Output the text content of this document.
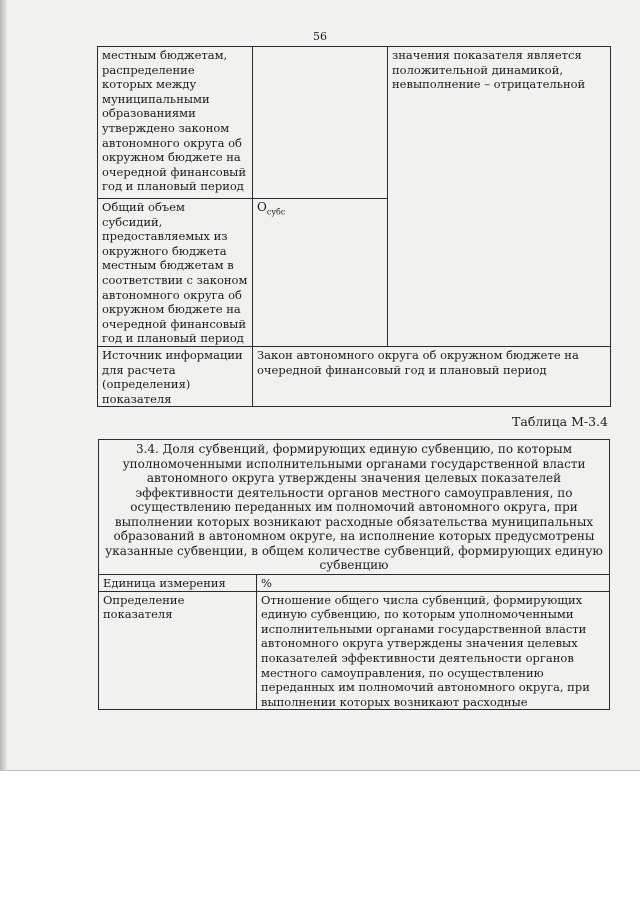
56
местным бюджетам, распределение которых между муниципальными образованиями утверждено законом автономного округа об окружном бюджете на очередной финансовый год и плановый период		значения показателя является положительной динамикой, невыполнение – отрицательной
Общий объем субсидий, предоставляемых из окружного бюджета местным бюджетам в соответствии с законом автономного округа об окружном бюджете на очередной финансовый год и плановый период	$О_{субс}$
Источник информации для расчета (определения) показателя	Закон автономного округа об окружном бюджете на очередной финансовый год и плановый период	
Таблица М-3.4
3.4. Доля субвенций, формирующих единую субвенцию, по которым уполномоченными исполнительными органами государственной власти автономного округа утверждены значения целевых показателей эффективности деятельности органов местного самоуправления, по осуществлению переданных им полномочий автономного округа, при выполнении которых возникают расходные обязательства муниципальных образований в автономном округе, на исполнение которых предусмотрены указанные субвенции, в общем количестве субвенций, формирующих единую субвенцию	
Единица измерения	%
Определение показателя	Отношение общего числа субвенций, формирующих единую субвенцию, по которым уполномоченными исполнительными органами государственной власти автономного округа утверждены значения целевых показателей эффективности деятельности органов местного самоуправления, по осуществлению переданных им полномочий автономного округа, при выполнении которых возникают расходные
